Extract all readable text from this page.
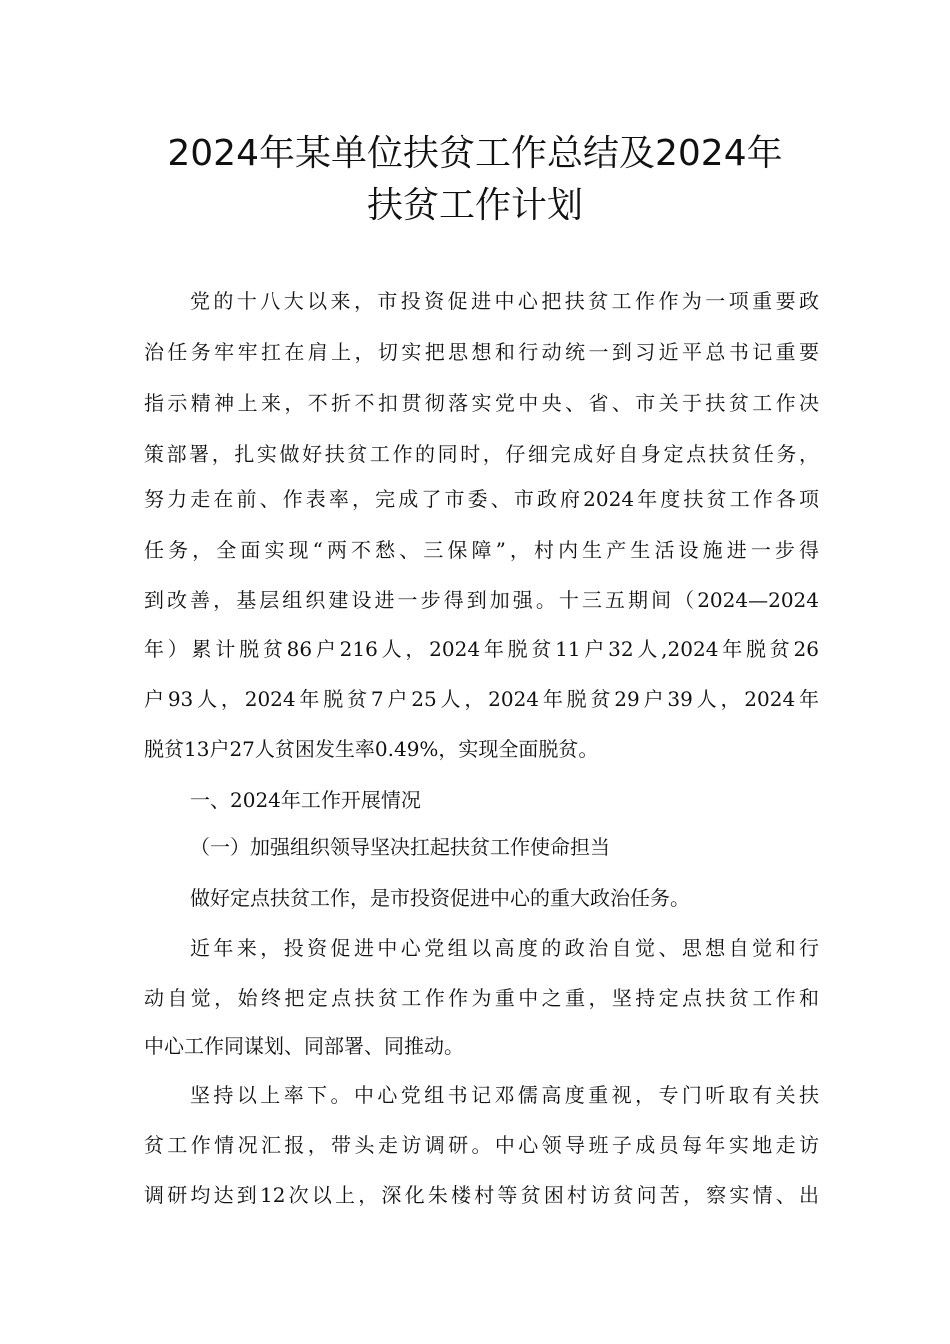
2024年某单位扶贫工作总结及2024年
扶贫工作计划
党的十八大以来，市投资促进中心把扶贫工作作为一项重要政
治任务牢牢扛在肩上，切实把思想和行动统一到习近平总书记重要
指示精神上来，不折不扣贯彻落实党中央、省、市关于扶贫工作决
策部署，扎实做好扶贫工作的同时，仔细完成好自身定点扶贫任务，
努力走在前、作表率，完成了市委、市政府2024年度扶贫工作各项
任务，全面实现“两不愁、三保障”，村内生产生活设施进一步得
到改善，基层组织建设进一步得到加强。十三五期间（2024—2024
年）累计脱贫86户216人，2024年脱贫11户32人,2024年脱贫26
户93人，2024年脱贫7户25人，2024年脱贫29户39人，2024年
脱贫13户27人贫困发生率0.49%，实现全面脱贫。
一、2024年工作开展情况
（一）加强组织领导坚决扛起扶贫工作使命担当
做好定点扶贫工作，是市投资促进中心的重大政治任务。
近年来，投资促进中心党组以高度的政治自觉、思想自觉和行
动自觉，始终把定点扶贫工作作为重中之重，坚持定点扶贫工作和
中心工作同谋划、同部署、同推动。
坚持以上率下。中心党组书记邓儒高度重视，专门听取有关扶
贫工作情况汇报，带头走访调研。中心领导班子成员每年实地走访
调研均达到12次以上，深化朱楼村等贫困村访贫问苦，察实情、出
